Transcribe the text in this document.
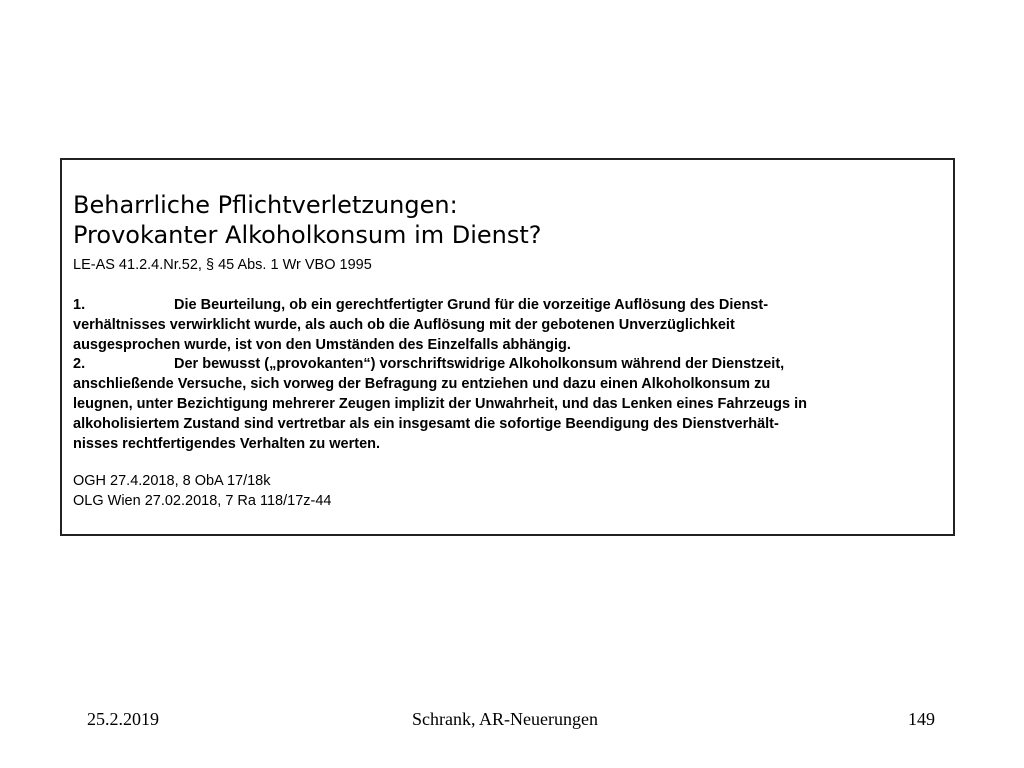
Beharrliche Pflichtverletzungen:
Provokanter Alkoholkonsum im Dienst?
LE-AS 41.2.4.Nr.52, § 45 Abs. 1 Wr VBO 1995
1.	Die Beurteilung, ob ein gerechtfertigter Grund für die vorzeitige Auflösung des Dienst-
verhältnisses verwirklicht wurde, als auch ob die Auflösung mit der gebotenen Unverzüglichkeit
ausgesprochen wurde, ist von den Umständen des Einzelfalls abhängig.
2.	Der bewusst („provokanten“) vorschriftswidrige Alkoholkonsum während der Dienstzeit,
anschließende Versuche, sich vorweg der Befragung zu entziehen und dazu einen Alkoholkonsum zu
leugnen, unter Bezichtigung mehrerer Zeugen implizit der Unwahrheit, und das Lenken eines Fahrzeugs in
alkoholisiertem Zustand sind vertretbar als ein insgesamt die sofortige Beendigung des Dienstverhält-
nisses rechtfertigendes Verhalten zu werten.
OGH 27.4.2018, 8 ObA 17/18k
OLG Wien 27.02.2018, 7 Ra 118/17z-44
25.2.2019	Schrank, AR-Neuerungen	149
